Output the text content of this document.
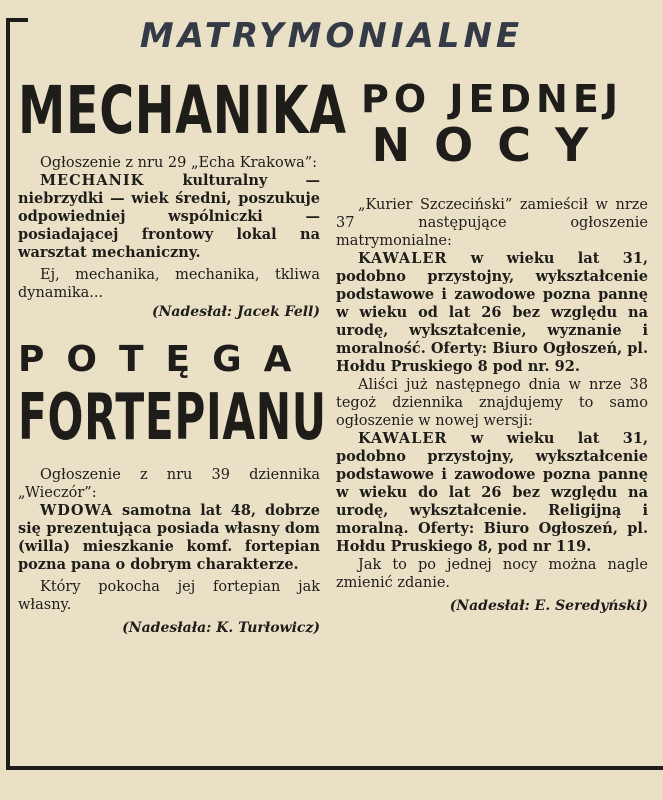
MATRYMONIALNE
MECHANIKA

Ogłoszenie z nru 29 „Echa Krakowa”:

MECHANIK kulturalny — niebrzydki — wiek średni, poszukuje odpowiedniej wspólniczki — posiadającej frontowy lokal na warsztat mechaniczny.

Ej, mechanika, mechanika, tkliwa dynamika...

(Nadesłał: Jacek Fell)

POTĘGA
FORTEPIANU

Ogłoszenie z nru 39 dziennika „Wieczór”:

WDOWA samotna lat 48, dobrze się prezentująca posiada własny dom (willa) mieszkanie komf. fortepian pozna pana o dobrym charakterze.

Który pokocha jej fortepian jak własny.

(Nadesłała: K. Turłowicz)

PO JEDNEJ
NOCY

„Kurier Szczeciński” zamieścił w nrze 37 następujące ogłoszenie matrymonialne:

KAWALER w wieku lat 31, podobno przystojny, wykształcenie podstawowe i zawodowe pozna pannę w wieku od lat 26 bez względu na urodę, wykształcenie, wyznanie i moralność. Oferty: Biuro Ogłoszeń, pl. Hołdu Pruskiego 8 pod nr. 92.

Aliści już następnego dnia w nrze 38 tegoż dziennika znajdujemy to samo ogłoszenie w nowej wersji:

KAWALER w wieku lat 31, podobno przystojny, wykształcenie podstawowe i zawodowe pozna pannę w wieku do lat 26 bez względu na urodę, wykształcenie. Religijną i moralną. Oferty: Biuro Ogłoszeń, pl. Hołdu Pruskiego 8, pod nr 119.

Jak to po jednej nocy można nagle zmienić zdanie.

(Nadesłał: E. Seredyński)
